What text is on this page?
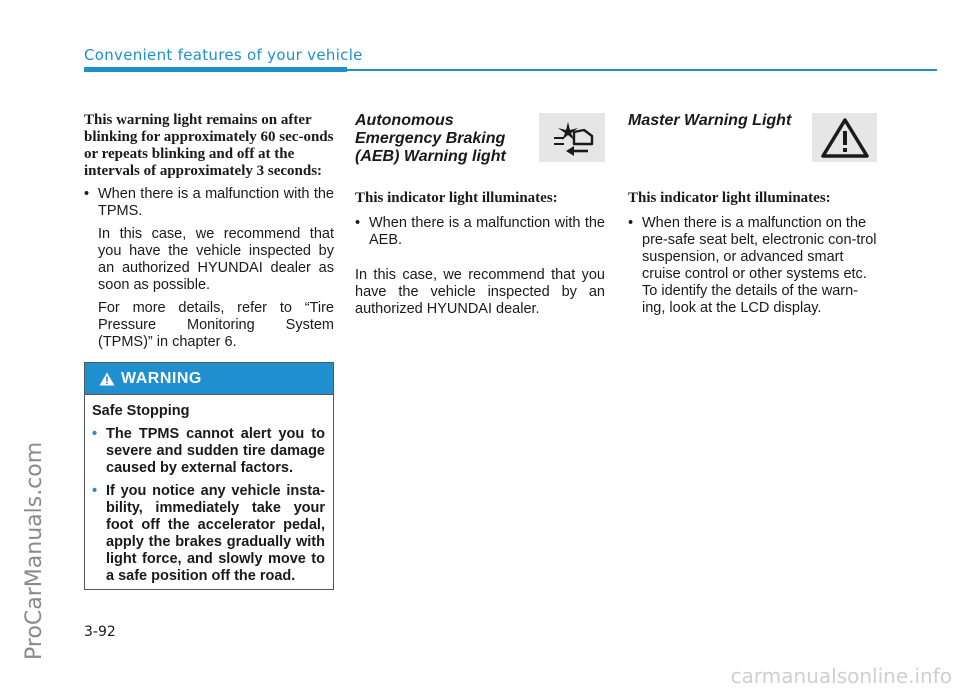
Convenient features of your vehicle

This warning light remains on after blinking for approximately 60 sec-onds or repeats blinking and off at the intervals of approximately 3 seconds:

• When there is a malfunction with the TPMS.

In this case, we recommend that you have the vehicle inspected by an authorized HYUNDAI dealer as soon as possible.

For more details, refer to “Tire Pressure Monitoring System (TPMS)” in chapter 6.

WARNING

Safe Stopping

• The TPMS cannot alert you to severe and sudden tire damage caused by external factors.
• If you notice any vehicle insta-bility, immediately take your foot off the accelerator pedal, apply the brakes gradually with light force, and slowly move to a safe position off the road.

Autonomous Emergency Braking (AEB) Warning light

This indicator light illuminates:

• When there is a malfunction with the AEB.

In this case, we recommend that you have the vehicle inspected by an authorized HYUNDAI dealer.

Master Warning Light

This indicator light illuminates:

• When there is a malfunction on the pre-safe seat belt, electronic con-trol suspension, or advanced smart cruise control or other systems etc. To identify the details of the warn-ing, look at the LCD display.
3-92
ProCarManuals.com
carmanualsonline.info
